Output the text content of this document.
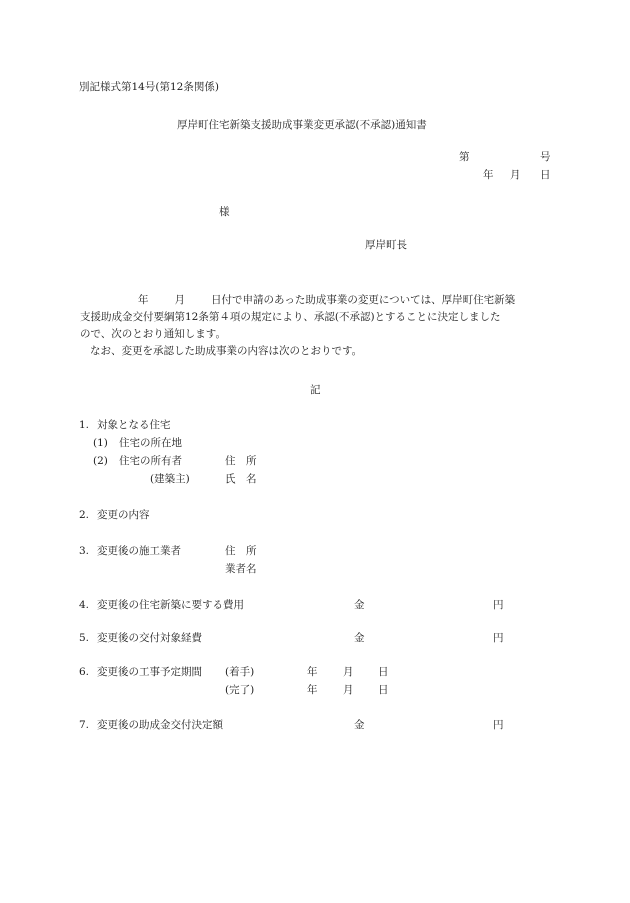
別記様式第14号(第12条関係)
厚岸町住宅新築支援助成事業変更承認(不承認)通知書
第	号
年 月 日
様
厚岸町長

年 月 日付で申請のあった助成事業の変更については、厚岸町住宅新築

支援助成金交付要綱第12条第４項の規定により、承認(不承認)とすることに決定しました

ので、次のとおり通知します。

なお、変更を承認した助成事業の内容は次のとおりです。

記
1. 対象となる住宅
(1) 住宅の所在地
(2) 住宅の所有者	住　所
(建築主)	氏　名
2. 変更の内容
3. 変更後の施工業者	住　所
業者名
4. 変更後の住宅新築に要する費用	金	円
5. 変更後の交付対象経費	金	円
6. 変更後の工事予定期間 (着手)	年 月 日
(完了)	年 月 日
7. 変更後の助成金交付決定額	金	円
